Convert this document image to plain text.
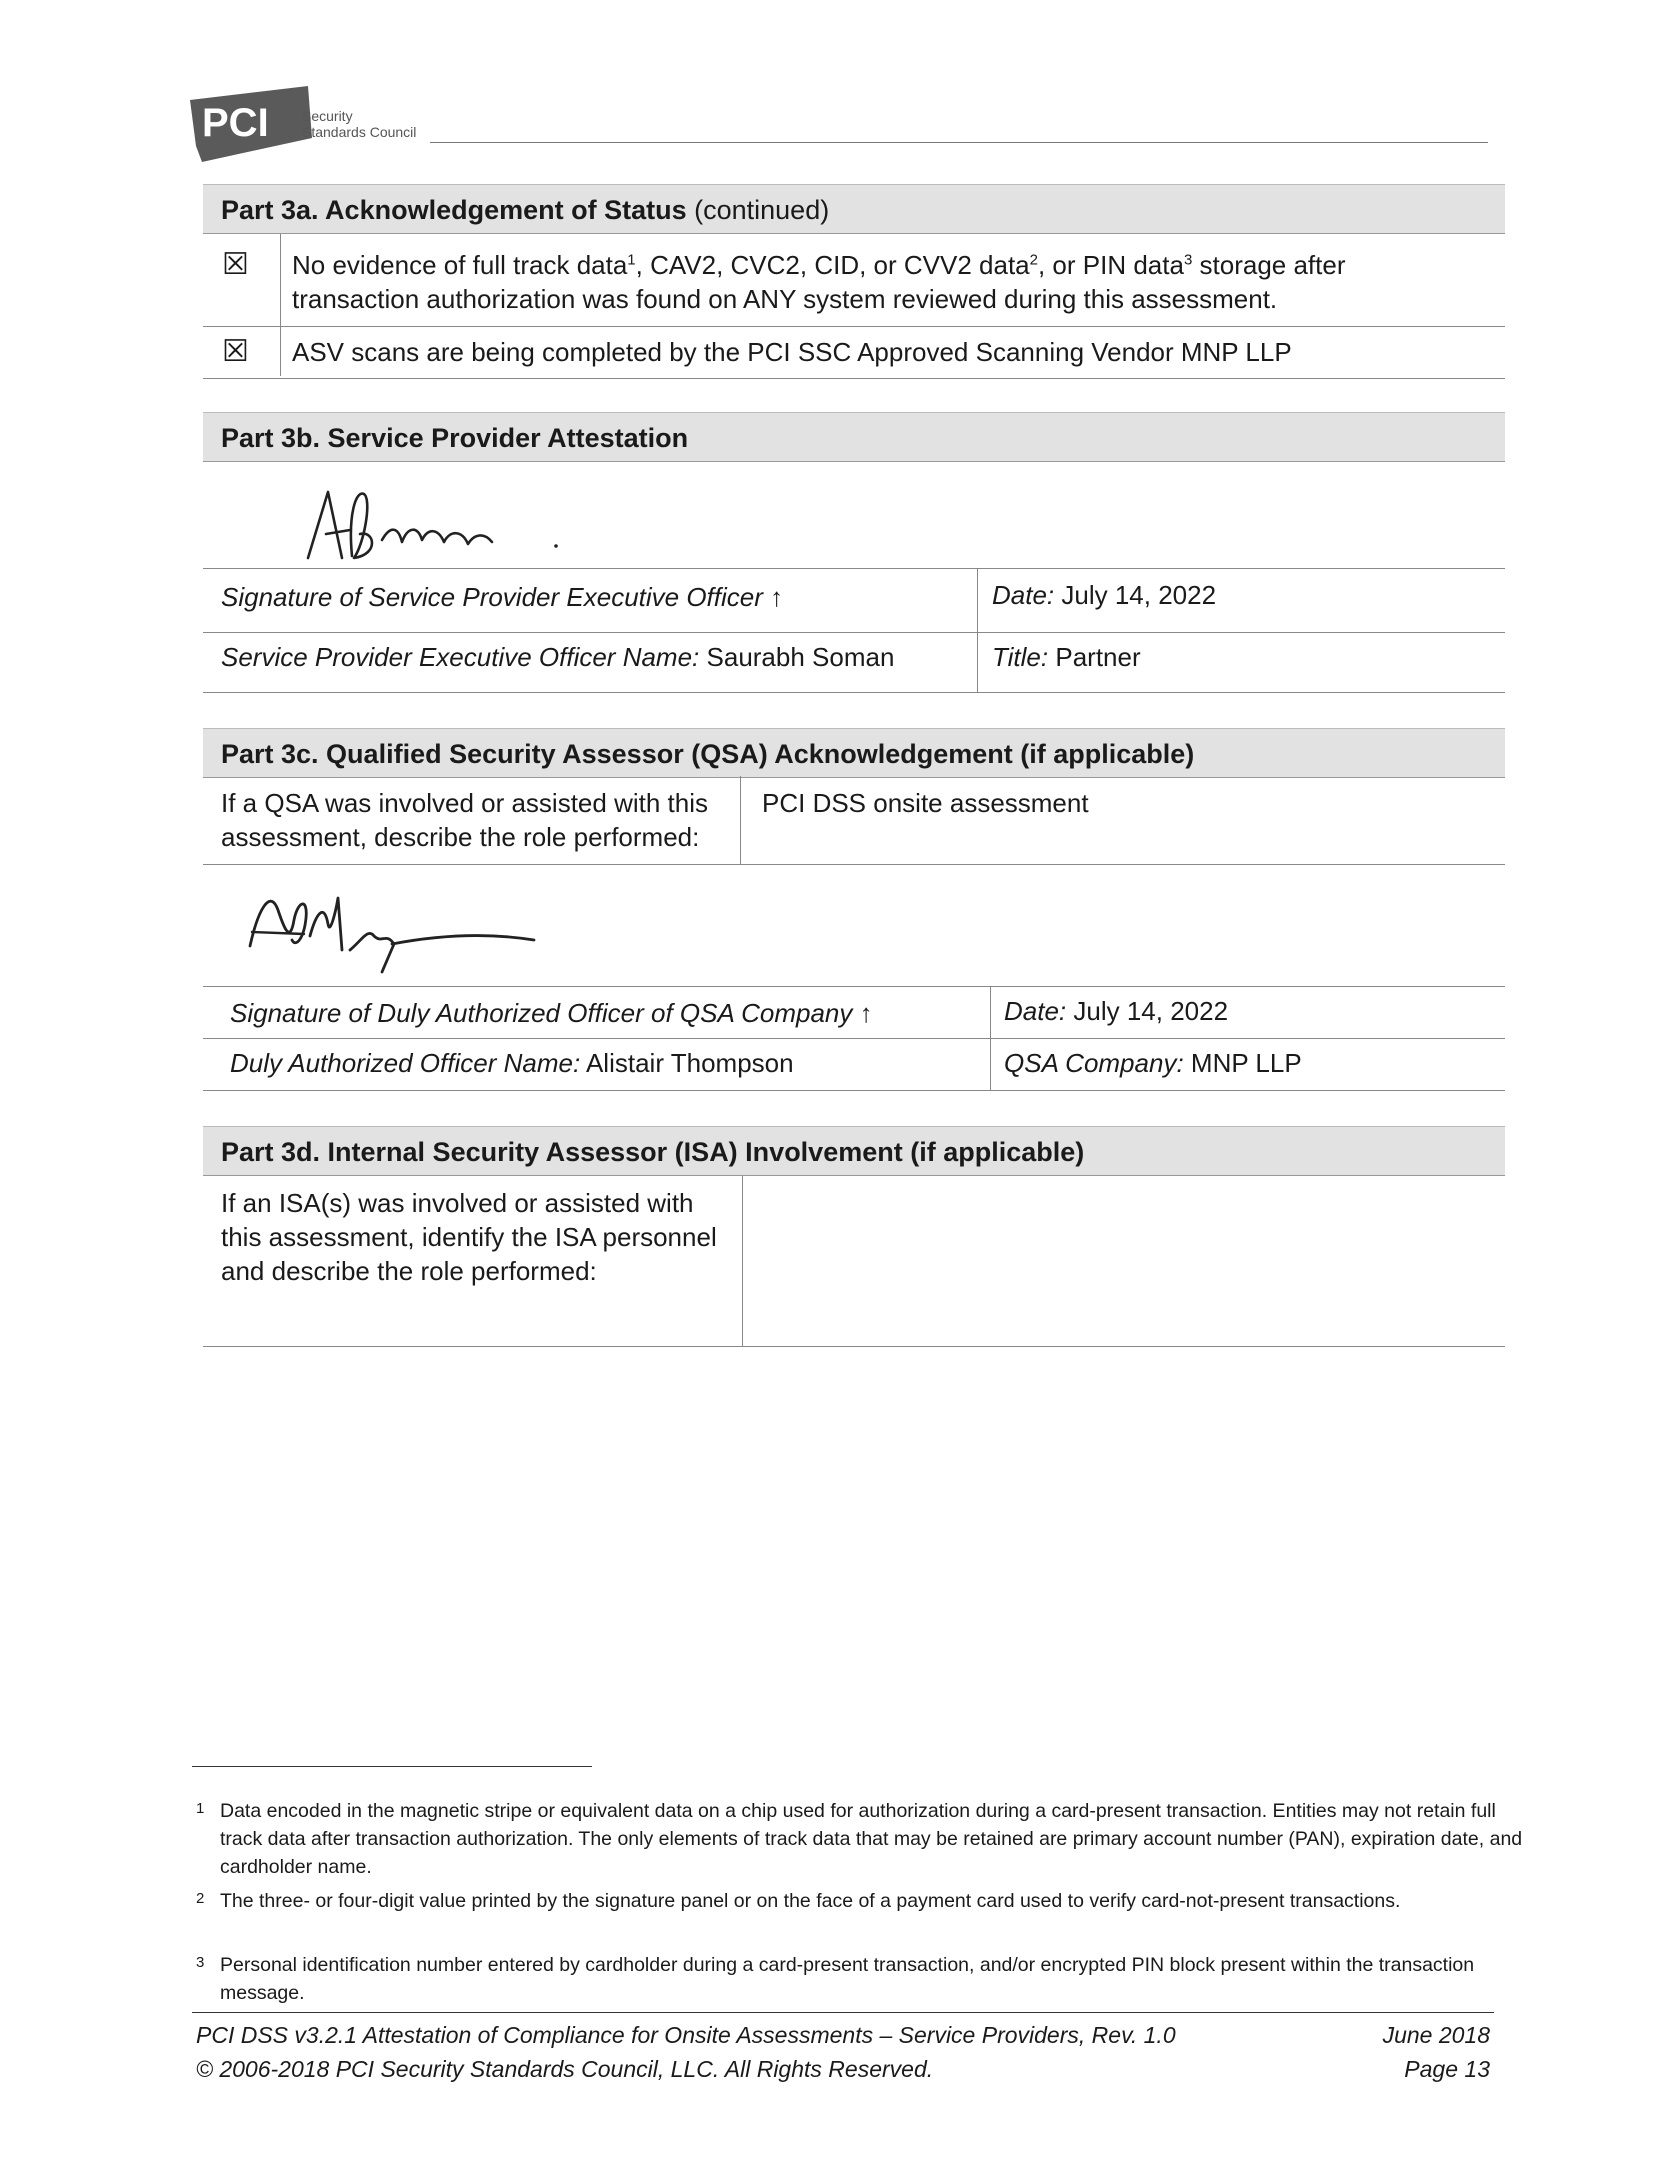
PCI Security
Standards Council
Part 3a. Acknowledgement of Status (continued)
☒ No evidence of full track data$^1$, CAV2, CVC2, CID, or CVV2 data$^2$, or PIN data$^3$ storage after
transaction authorization was found on ANY system reviewed during this assessment.
☒ ASV scans are being completed by the PCI SSC Approved Scanning Vendor MNP LLP
Part 3b. Service Provider Attestation
Signature of Service Provider Executive Officer ↑	Date: July 14, 2022
Service Provider Executive Officer Name: Saurabh Soman	Title: Partner
Part 3c. Qualified Security Assessor (QSA) Acknowledgement (if applicable)
If a QSA was involved or assisted with this
assessment, describe the role performed:
PCI DSS onsite assessment
Signature of Duly Authorized Officer of QSA Company ↑	Date: July 14, 2022
Duly Authorized Officer Name: Alistair Thompson	QSA Company: MNP LLP
Part 3d. Internal Security Assessor (ISA) Involvement (if applicable)
If an ISA(s) was involved or assisted with
this assessment, identify the ISA personnel
and describe the role performed:
1 Data encoded in the magnetic stripe or equivalent data on a chip used for authorization during a card-present transaction. Entities may not retain full track data after transaction authorization. The only elements of track data that may be retained are primary account number (PAN), expiration date, and cardholder name.
2 The three- or four-digit value printed by the signature panel or on the face of a payment card used to verify card-not-present transactions.
3 Personal identification number entered by cardholder during a card-present transaction, and/or encrypted PIN block present within the transaction message.
PCI DSS v3.2.1 Attestation of Compliance for Onsite Assessments – Service Providers, Rev. 1.0	June 2018
© 2006-2018 PCI Security Standards Council, LLC. All Rights Reserved.	Page 13
